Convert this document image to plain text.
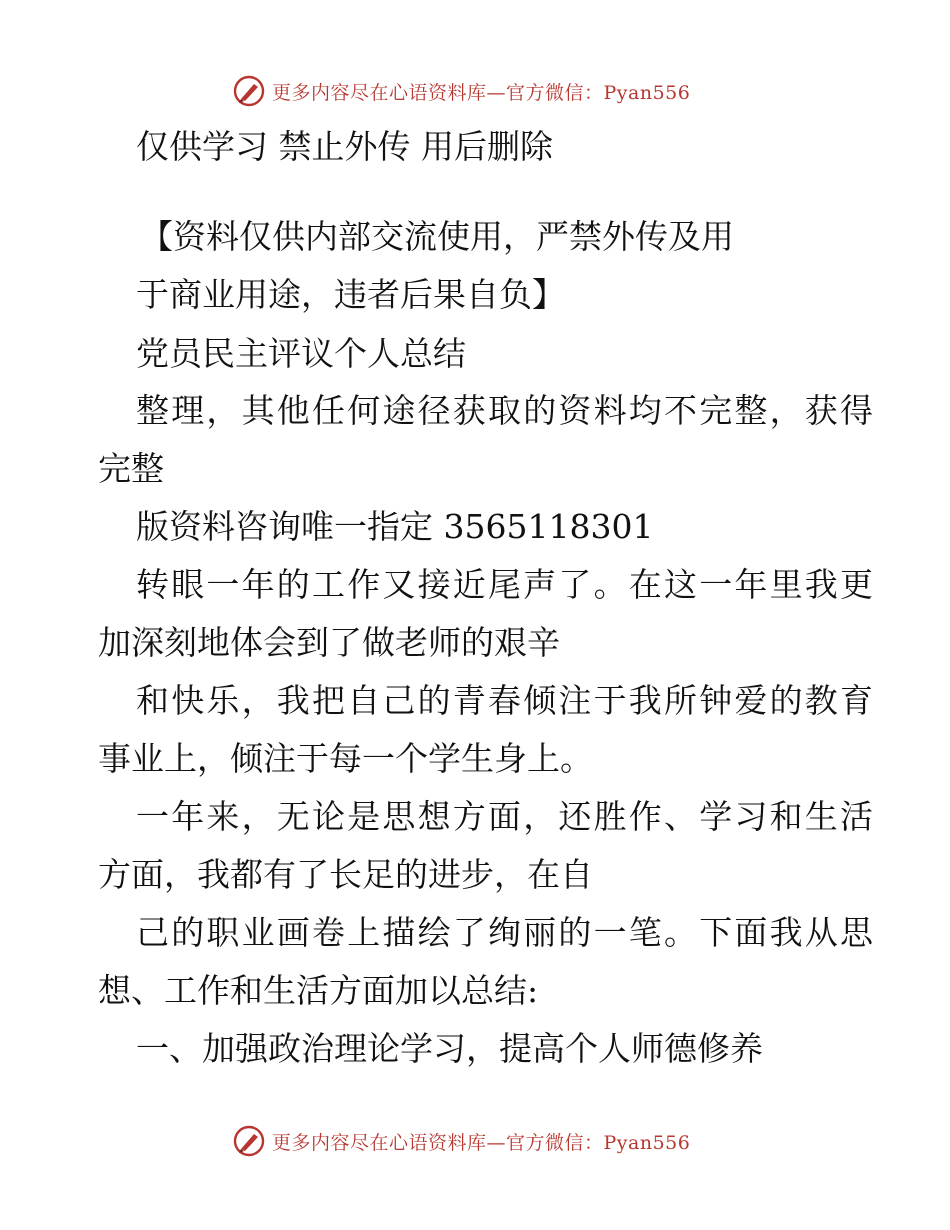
更多内容尽在心语资料库—官方微信：Pyan556
仅供学习 禁止外传 用后删除
【资料仅供内部交流使用，严禁外传及用
于商业用途，违者后果自负】
党员民主评议个人总结
整理，其他任何途径获取的资料均不完整，获得
完整
版资料咨询唯一指定 3565118301
转眼一年的工作又接近尾声了。在这一年里我更
加深刻地体会到了做老师的艰辛
和快乐，我把自己的青春倾注于我所钟爱的教育
事业上，倾注于每一个学生身上。
一年来，无论是思想方面，还胜作、学习和生活
方面，我都有了长足的进步，在自
己的职业画卷上描绘了绚丽的一笔。下面我从思
想、工作和生活方面加以总结:
一、加强政治理论学习，提高个人师德修养
更多内容尽在心语资料库—官方微信：Pyan556
